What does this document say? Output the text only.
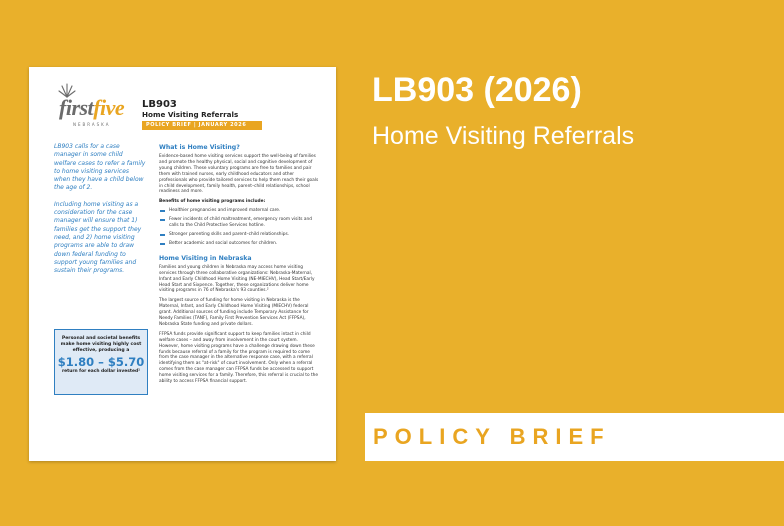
firstfive
NEBRASKA
LB903
Home Visiting Referrals
POLICY BRIEF | JANUARY 2026

LB903 calls for a case manager in some child welfare cases to refer a family to home visiting services when they have a child below the age of 2.

Including home visiting as a consideration for the case manager will ensure that 1) families get the support they need, and 2) home visiting programs are able to draw down federal funding to support young families and sustain their programs.

Personal and societal benefits make home visiting highly cost effective, producing a
$1.80 – $5.70
return for each dollar invested¹
What is Home Visiting?

Evidence-based home visiting services support the well-being of families and promote the healthy physical, social and cognitive development of young children. These voluntary programs are free to families and pair them with trained nurses, early childhood educators and other professionals who provide tailored services to help them reach their goals in child development, family health, parent–child relationships, school readiness and more.

Benefits of home visiting programs include:

Healthier pregnancies and improved maternal care.
Fewer incidents of child maltreatment, emergency room visits and calls to the Child Protective Services hotline.
Stronger parenting skills and parent–child relationships.
Better academic and social outcomes for children.
Home Visiting in Nebraska

Families and young children in Nebraska may access home visiting services through three collaborative organizations: Nebraska-Maternal, Infant and Early Childhood Home Visiting (NE-MIECHV), Head Start/Early Head Start and Sixpence. Together, these organizations deliver home visiting programs in 76 of Nebraska's 93 counties.²

The largest source of funding for home visiting in Nebraska is the Maternal, Infant, and Early Childhood Home Visiting (MIECHV) federal grant. Additional sources of funding include Temporary Assistance for Needy Families (TANF), Family First Prevention Services Act (FFPSA), Nebraska State funding and private dollars.

FFPSA funds provide significant support to keep families intact in child welfare cases – and away from involvement in the court system. However, home visiting programs have a challenge drawing down these funds because referral of a family for the program is required to come from the case manager in the alternative response case, with a referral identifying them as "at-risk" of court involvement. Only when a referral comes from the case manager can FFPSA funds be accessed to support home visiting services for a family. Therefore, this referral is crucial to the ability to access FFPSA financial support.

LB903 (2026)
Home Visiting Referrals
POLICY BRIEF
